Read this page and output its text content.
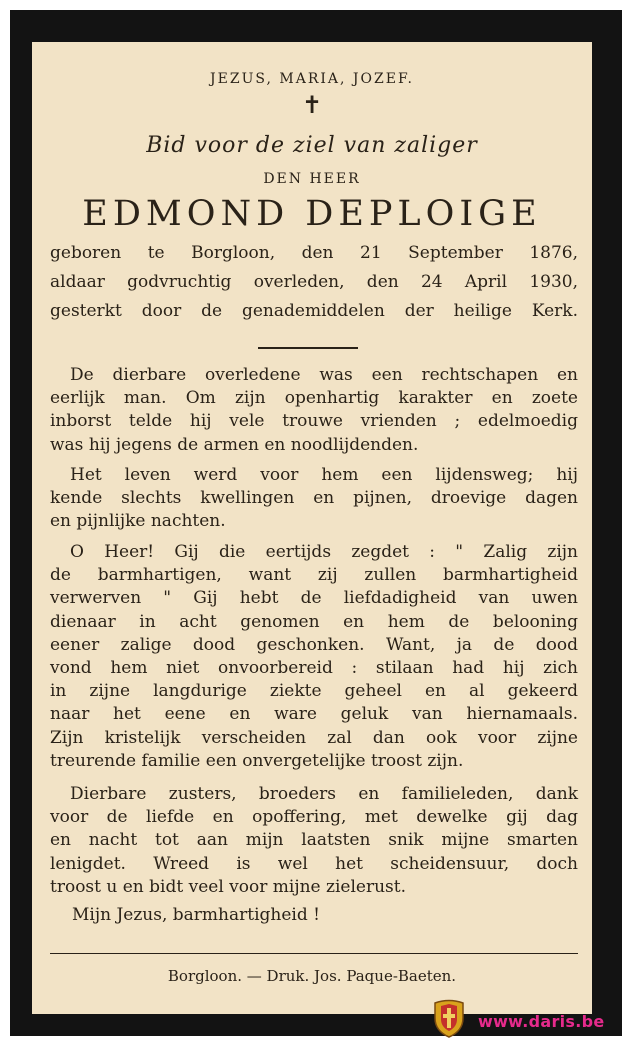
JEZUS, MARIA, JOZEF.
✝
Bid voor de ziel van zaliger
DEN HEER
EDMOND DEPLOIGE
geboren te Borgloon, den 21 September 1876,
aldaar godvruchtig overleden, den 24 April 1930,
gesterkt door de genademiddelen der heilige Kerk.
De dierbare overledene was een rechtschapen en
eerlijk man. Om zijn openhartig karakter en zoete
inborst telde hij vele trouwe vrienden ; edelmoedig
was hij jegens de armen en noodlijdenden.
Het leven werd voor hem een lijdensweg; hij
kende slechts kwellingen en pijnen, droevige dagen
en pijnlijke nachten.
O Heer! Gij die eertijds zegdet : " Zalig zijn
de barmhartigen, want zij zullen barmhartigheid
verwerven " Gij hebt de liefdadigheid van uwen
dienaar in acht genomen en hem de belooning
eener zalige dood geschonken. Want, ja de dood
vond hem niet onvoorbereid : stilaan had hij zich
in zijne langdurige ziekte geheel en al gekeerd
naar het eene en ware geluk van hiernamaals.
Zijn kristelijk verscheiden zal dan ook voor zijne
treurende familie een onvergetelijke troost zijn.
Dierbare zusters, broeders en familieleden, dank
voor de liefde en opoffering, met dewelke gij dag
en nacht tot aan mijn laatsten snik mijne smarten
lenigdet. Wreed is wel het scheidensuur, doch
troost u en bidt veel voor mijne zielerust.
Mijn Jezus, barmhartigheid !
Borgloon. — Druk. Jos. Paque-Baeten.
www.daris.be
